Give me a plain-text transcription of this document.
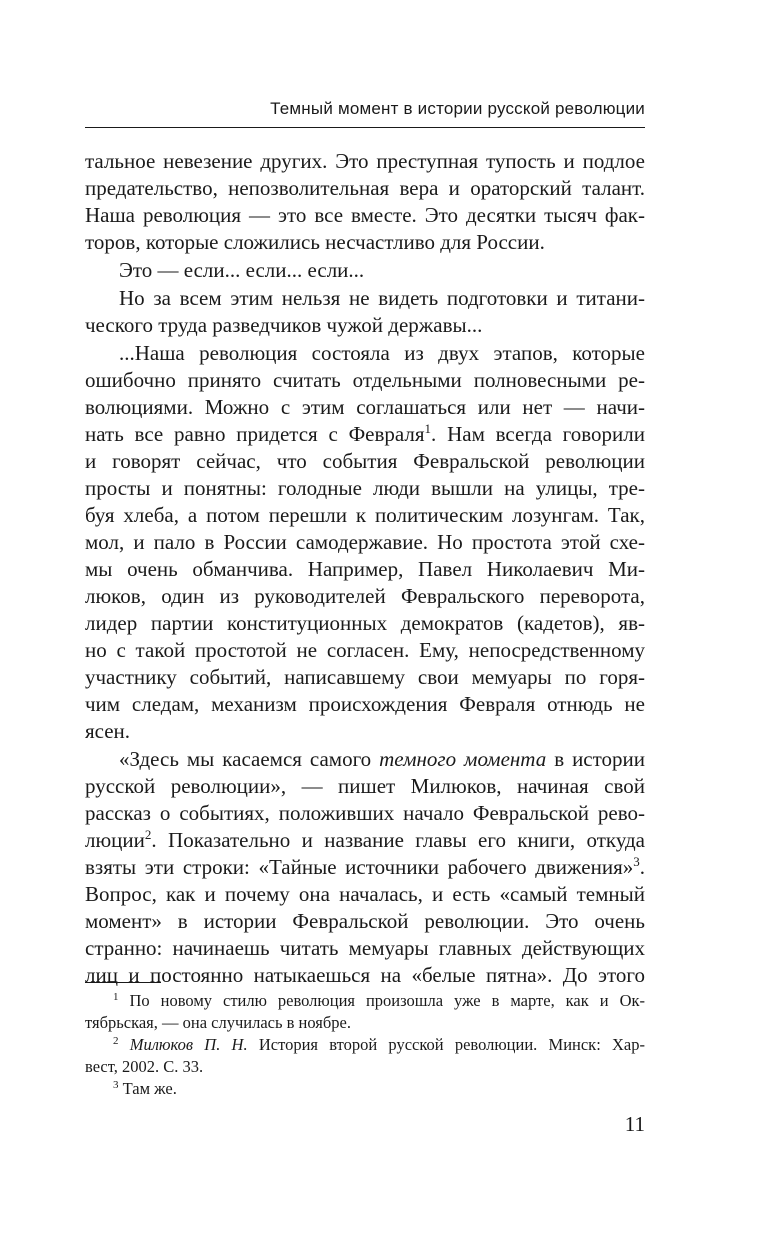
Темный момент в истории русской революции
тальное невезение других. Это преступная тупость и подлое
предательство, непозволительная вера и ораторский талант.
Наша революция — это все вместе. Это десятки тысяч фак-
торов, которые сложились несчастливо для России.
Это — если... если... если...
Но за всем этим нельзя не видеть подготовки и титани-
ческого труда разведчиков чужой державы...
...Наша революция состояла из двух этапов, которые
ошибочно принято считать отдельными полновесными ре-
волюциями. Можно с этим соглашаться или нет — начи-
нать все равно придется с Февраля$^1$. Нам всегда говорили
и говорят сейчас, что события Февральской революции
просты и понятны: голодные люди вышли на улицы, тре-
буя хлеба, а потом перешли к политическим лозунгам. Так,
мол, и пало в России самодержавие. Но простота этой схе-
мы очень обманчива. Например, Павел Николаевич Ми-
люков, один из руководителей Февральского переворота,
лидер партии конституционных демократов (кадетов), яв-
но с такой простотой не согласен. Ему, непосредственному
участнику событий, написавшему свои мемуары по горя-
чим следам, механизм происхождения Февраля отнюдь не
ясен.
«Здесь мы касаемся самого темного момента в истории
русской революции», — пишет Милюков, начиная свой
рассказ о событиях, положивших начало Февральской рево-
люции$^2$. Показательно и название главы его книги, откуда
взяты эти строки: «Тайные источники рабочего движения»$^3$.
Вопрос, как и почему она началась, и есть «самый темный
момент» в истории Февральской революции. Это очень
странно: начинаешь читать мемуары главных действующих
лиц и постоянно натыкаешься на «белые пятна». До этого
$^1$ По новому стилю революция произошла уже в марте, как и Ок-
тябрьская, — она случилась в ноябре.
$^2$ Милюков П. Н. История второй русской революции. Минск: Хар-
вест, 2002. С. 33.
$^3$ Там же.
11
